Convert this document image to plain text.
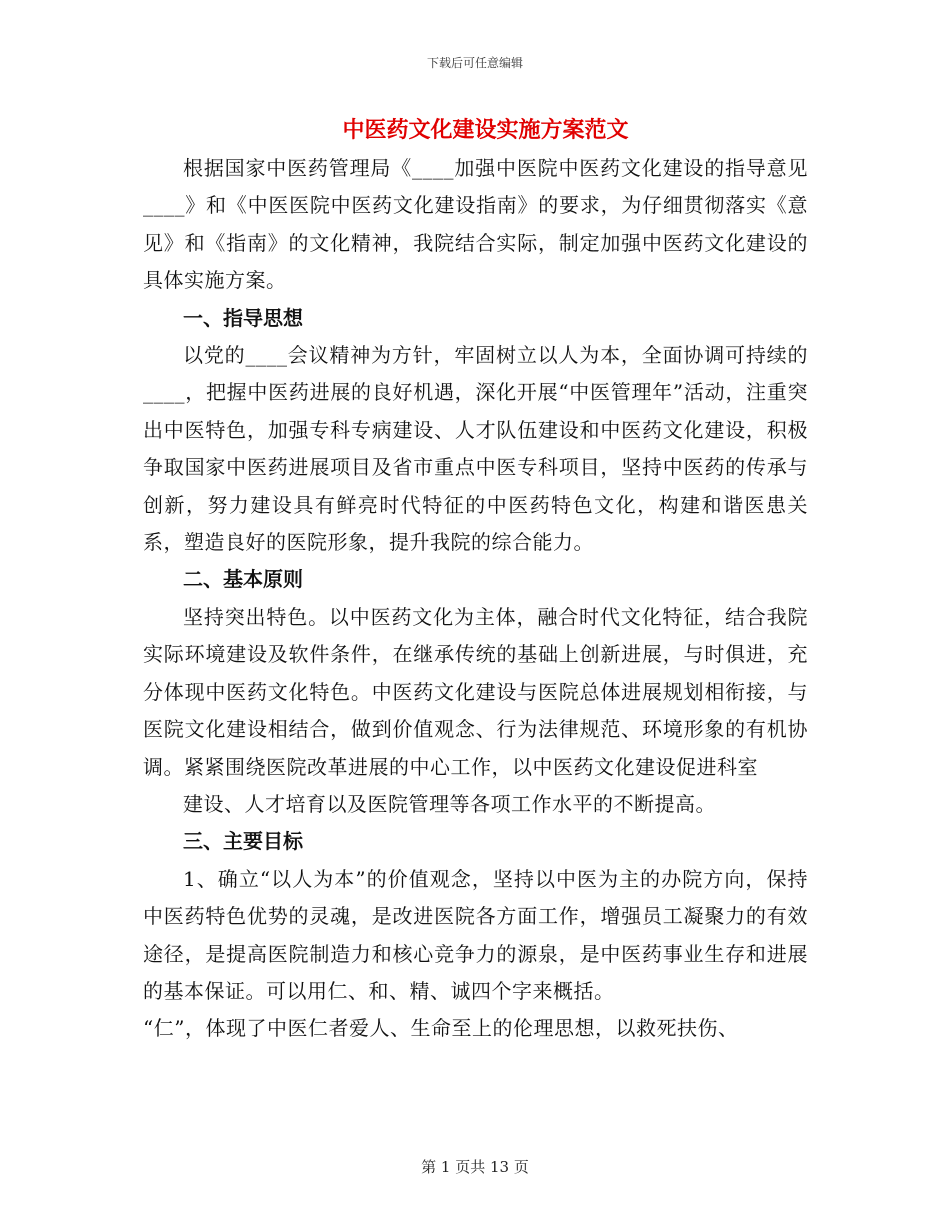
下载后可任意编辑
中医药文化建设实施方案范文

根据国家中医药管理局《____加强中医院中医药文化建设的指导意见____》和《中医医院中医药文化建设指南》的要求，为仔细贯彻落实《意见》和《指南》的文化精神，我院结合实际，制定加强中医药文化建设的具体实施方案。

一、指导思想

以党的____会议精神为方针，牢固树立以人为本，全面协调可持续的____，把握中医药进展的良好机遇，深化开展“中医管理年”活动，注重突出中医特色，加强专科专病建设、人才队伍建设和中医药文化建设，积极争取国家中医药进展项目及省市重点中医专科项目，坚持中医药的传承与创新，努力建设具有鲜亮时代特征的中医药特色文化，构建和谐医患关系，塑造良好的医院形象，提升我院的综合能力。

二、基本原则

坚持突出特色。以中医药文化为主体，融合时代文化特征，结合我院实际环境建设及软件条件，在继承传统的基础上创新进展，与时俱进，充分体现中医药文化特色。中医药文化建设与医院总体进展规划相衔接，与医院文化建设相结合，做到价值观念、行为法律规范、环境形象的有机协调。紧紧围绕医院改革进展的中心工作，以中医药文化建设促进科室

建设、人才培育以及医院管理等各项工作水平的不断提高。

三、主要目标

1、确立“以人为本”的价值观念，坚持以中医为主的办院方向，保持中医药特色优势的灵魂，是改进医院各方面工作，增强员工凝聚力的有效途径，是提高医院制造力和核心竞争力的源泉，是中医药事业生存和进展的基本保证。可以用仁、和、精、诚四个字来概括。

“仁”，体现了中医仁者爱人、生命至上的伦理思想，以救死扶伤、

第 1 页共 13 页
